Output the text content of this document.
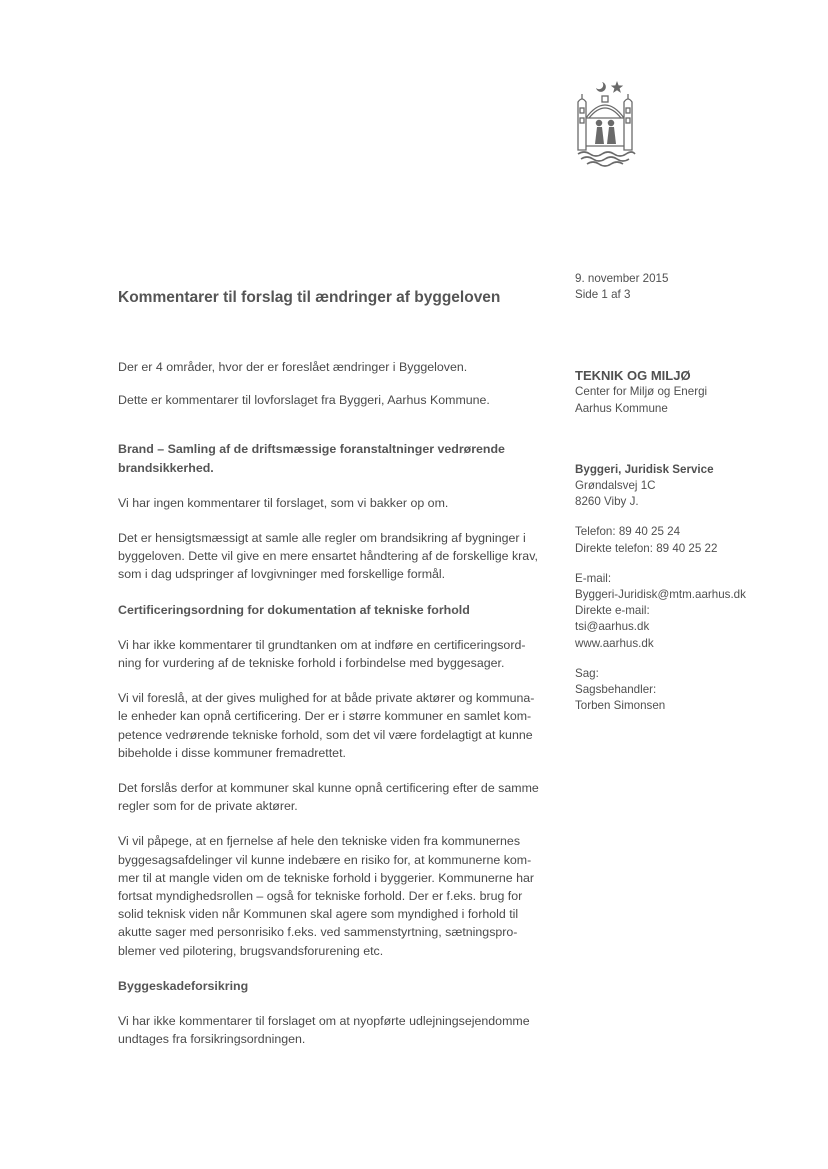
Kommentarer til forslag til ændringer af byggeloven

Der er 4 områder, hvor der er foreslået ændringer i Byggeloven.

Dette er kommentarer til lovforslaget fra Byggeri, Aarhus Kommune.

Brand – Samling af de driftsmæssige foranstaltninger vedrørende
brandsikkerhed.

Vi har ingen kommentarer til forslaget, som vi bakker op om.

Det er hensigtsmæssigt at samle alle regler om brandsikring af bygninger i
byggeloven. Dette vil give en mere ensartet håndtering af de forskellige krav,
som i dag udspringer af lovgivninger med forskellige formål.

Certificeringsordning for dokumentation af tekniske forhold

Vi har ikke kommentarer til grundtanken om at indføre en certificeringsord-
ning for vurdering af de tekniske forhold i forbindelse med byggesager.

Vi vil foreslå, at der gives mulighed for at både private aktører og kommuna-
le enheder kan opnå certificering. Der er i større kommuner en samlet kom-
petence vedrørende tekniske forhold, som det vil være fordelagtigt at kunne
bibeholde i disse kommuner fremadrettet.

Det forslås derfor at kommuner skal kunne opnå certificering efter de samme
regler som for de private aktører.

Vi vil påpege, at en fjernelse af hele den tekniske viden fra kommunernes
byggesagsafdelinger vil kunne indebære en risiko for, at kommunerne kom-
mer til at mangle viden om de tekniske forhold i byggerier. Kommunerne har
fortsat myndighedsrollen – også for tekniske forhold. Der er f.eks. brug for
solid teknisk viden når Kommunen skal agere som myndighed i forhold til
akutte sager med personrisiko f.eks. ved sammenstyrtning, sætningspro-
blemer ved pilotering, brugsvandsforurening etc.

Byggeskadeforsikring

Vi har ikke kommentarer til forslaget om at nyopførte udlejningsejendomme
undtages fra forsikringsordningen.

9. november 2015

Side 1 af 3

TEKNIK OG MILJØ

Center for Miljø og Energi

Aarhus Kommune

Byggeri, Juridisk Service

Grøndalsvej 1C

8260 Viby J.

Telefon: 89 40 25 24

Direkte telefon: 89 40 25 22

E-mail:

Byggeri-Juridisk@mtm.aarhus.dk

Direkte e-mail:

tsi@aarhus.dk

www.aarhus.dk

Sag:

Sagsbehandler:

Torben Simonsen
